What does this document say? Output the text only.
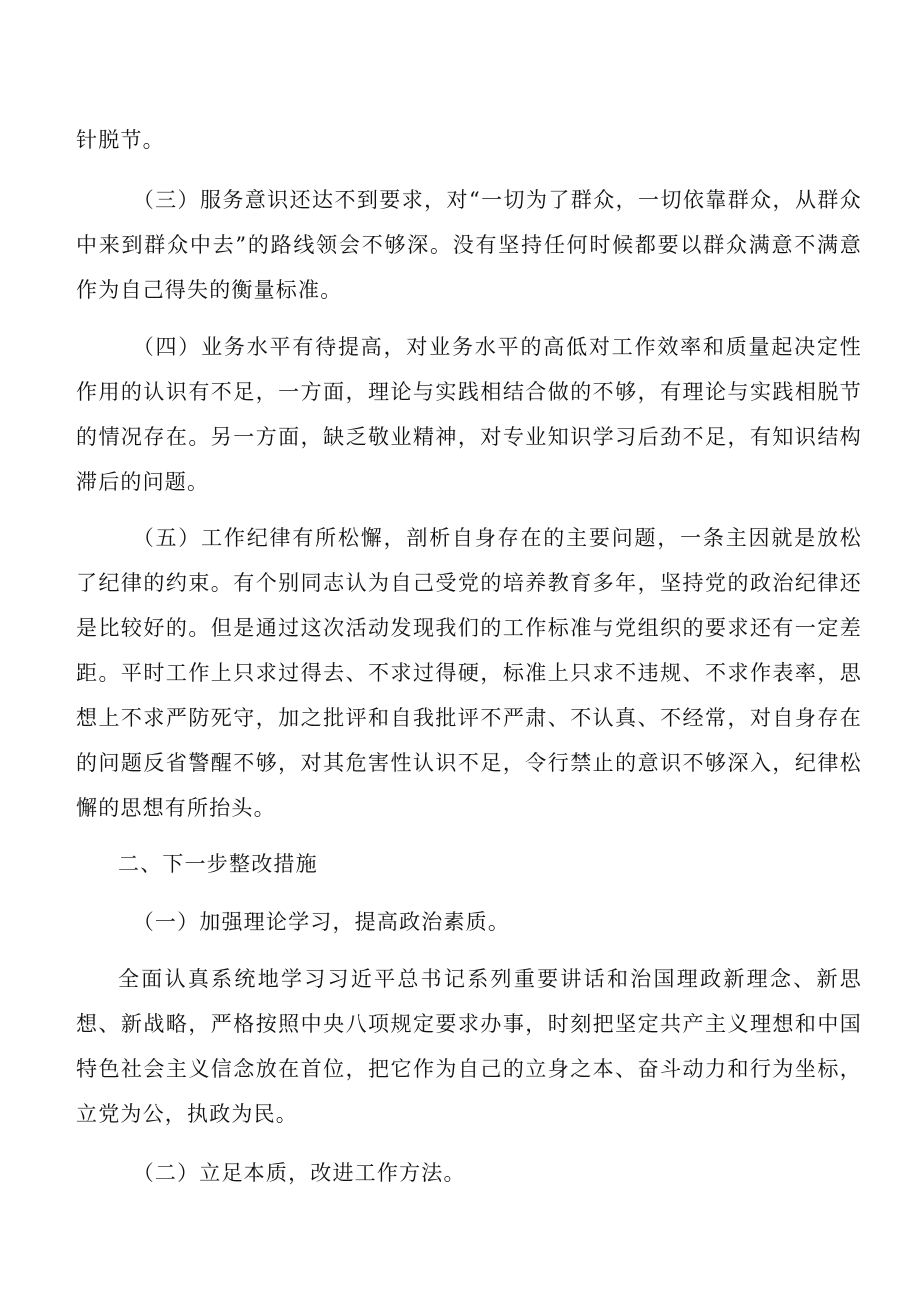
针脱节。

（三）服务意识还达不到要求，对“一切为了群众，一切依靠群众，从群众中来到群众中去”的路线领会不够深。没有坚持任何时候都要以群众满意不满意作为自己得失的衡量标准。

（四）业务水平有待提高，对业务水平的高低对工作效率和质量起决定性作用的认识有不足，一方面，理论与实践相结合做的不够，有理论与实践相脱节的情况存在。另一方面，缺乏敬业精神，对专业知识学习后劲不足，有知识结构滞后的问题。

（五）工作纪律有所松懈，剖析自身存在的主要问题，一条主因就是放松了纪律的约束。有个别同志认为自己受党的培养教育多年，坚持党的政治纪律还是比较好的。但是通过这次活动发现我们的工作标准与党组织的要求还有一定差距。平时工作上只求过得去、不求过得硬，标准上只求不违规、不求作表率，思想上不求严防死守，加之批评和自我批评不严肃、不认真、不经常，对自身存在的问题反省警醒不够，对其危害性认识不足，令行禁止的意识不够深入，纪律松懈的思想有所抬头。

二、下一步整改措施

（一）加强理论学习，提高政治素质。

全面认真系统地学习习近平总书记系列重要讲话和治国理政新理念、新思想、新战略，严格按照中央八项规定要求办事，时刻把坚定共产主义理想和中国特色社会主义信念放在首位，把它作为自己的立身之本、奋斗动力和行为坐标，立党为公，执政为民。

（二）立足本质，改进工作方法。
